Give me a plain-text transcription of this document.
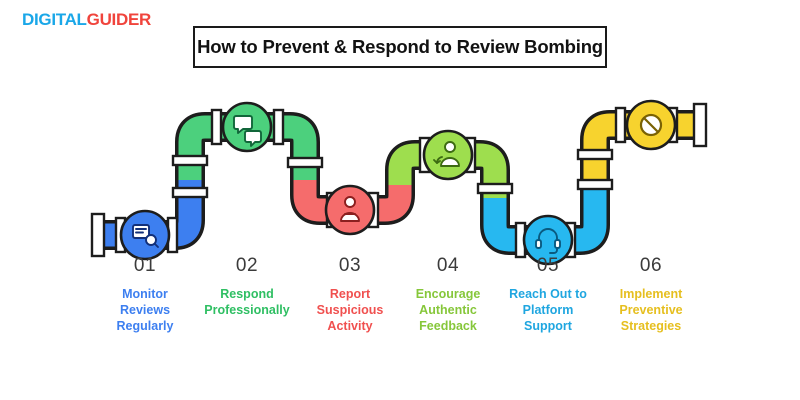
DIGITALGUIDER
How to Prevent & Respond to Review Bombing
01
Monitor
Reviews
Regularly
02
Respond
Professionally
03
Report
Suspicious
Activity
04
Encourage
Authentic
Feedback
05
Reach Out to
Platform
Support
06
Implement
Preventive
Strategies
